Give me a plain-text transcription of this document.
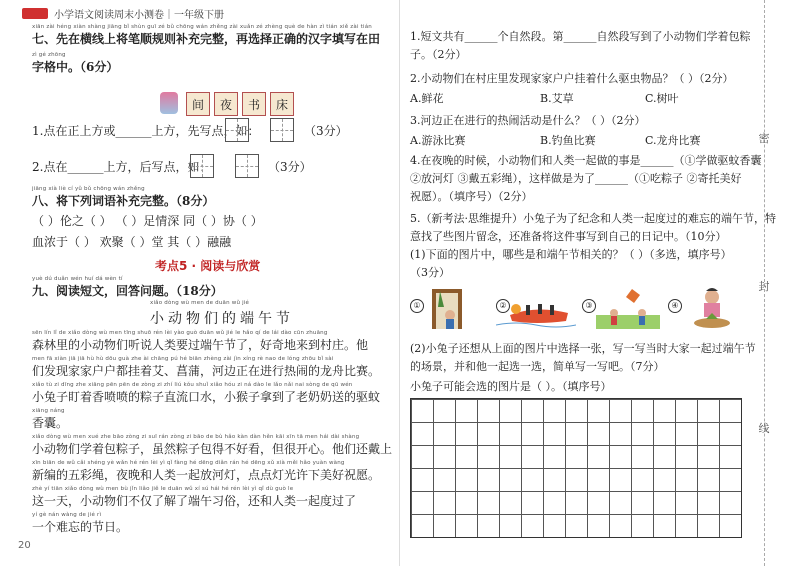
小学语文阅读周末小测卷｜一年级下册
xiān zài héng xiàn shàng jiāng bǐ shùn guī zé bǔ chōng wán zhěng zài xuǎn zé zhèng què de hàn zì tián xiě zài tián
七、先在横线上将笔顺规则补充完整，再选择正确的汉字填写在田
zì gé zhōng
字格中。（6分）
间	夜	书	床
1.点在正上方或______上方，先写点，如：	（3分）
2.点在______上方，后写点，如：	（3分）
jiāng xià liè cí yǔ bǔ chōng wán zhěng
八、将下列词语补充完整。（8分）
（ ）伦之（ ） （ ）足情深 同（ ）协（ ）
血浓于（ ） 欢聚（ ）堂 其（ ）融融
考点5 · 阅读与欣赏
yuè dú duǎn wén huí dá wèn tí
九、阅读短文，回答问题。（18分）
xiǎo dòng wù men de duān wǔ jié
小动物们的端午节
sēn lín lǐ de xiǎo dòng wù men tīng shuō rén lèi yào guò duān wǔ jié le hǎo qí de lái dào cūn zhuāng
森林里的小动物们听说人类要过端午节了，好奇地来到村庄。他
men fā xiàn jiā jiā hù hù dōu guà zhe ài chāng pú hé biān zhèng zài jìn xíng rè nao de lóng zhōu bǐ sài
们发现家家户户都挂着艾、菖蒲，河边正在进行热闹的龙舟比赛。
xiǎo tù zi dīng zhe xiāng pēn pēn de zòng zi zhí liú kǒu shuǐ xiǎo hóu zi ná dào le lǎo nǎi nai sòng de qū wén
小兔子盯着香喷喷的粽子直流口水，小猴子拿到了老奶奶送的驱蚊
xiāng náng
香囊。
xiǎo dòng wù men xué zhe bāo zòng zi suī rán zòng zi bāo de bù hǎo kàn dàn hěn kāi xīn tā men hái dài shàng
小动物们学着包粽子，虽然粽子包得不好看，但很开心。他们还戴上
xīn biān de wǔ cǎi shéng yè wǎn hé rén lèi yì qǐ fàng hé dēng diǎn rán hé dēng xǔ xià měi hǎo yuàn wàng
新编的五彩绳，夜晚和人类一起放河灯，点点灯光许下美好祝愿。
zhè yí tiān xiǎo dòng wù men bù jǐn liǎo jiě le duān wǔ xí sú hái hé rén lèi yì qǐ dù guò le
这一天，小动物们不仅了解了端午习俗，还和人类一起度过了
yí gè nán wàng de jié rì
一个难忘的节日。
20
1.短文共有______个自然段。第______自然段写到了小动物们学着包粽
子。（2分）
2.小动物们在村庄里发现家家户户挂着什么驱虫物品？（ ）（2分）
A.鲜花	B.艾草	C.树叶
3.河边正在进行的热闹活动是什么？（ ）（2分）
A.游泳比赛	B.钓鱼比赛	C.龙舟比赛
4.在夜晚的时候，小动物们和人类一起做的事是______（①学做驱蚊香囊
②放河灯 ③戴五彩绳），这样做是为了______（①吃粽子 ②寄托美好
祝愿）。（填序号）（2分）
5.（新考法·思维提升）小兔子为了纪念和人类一起度过的难忘的端午节，特
意找了些图片留念，还准备将这件事写到自己的日记中。（10分）
(1)下面的图片中，哪些是和端午节相关的？（ ）（多选，填序号）
（3分）
①	②	③	④
(2)小兔子还想从上面的图片中选择一张，写一写当时大家一起过端午节
的场景，并和他一起选一选，简单写一写吧。（7分）
小兔子可能会选的图片是（ ）。（填序号）
密
封
线
